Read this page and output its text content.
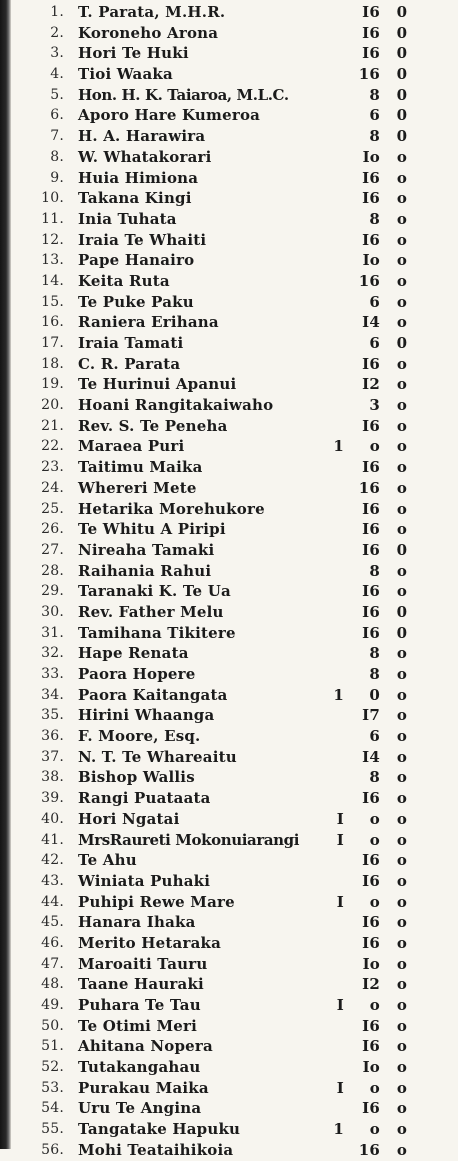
1. T. Parata, M.H.R.	I6	0
2. Koroneho Arona	I6	0
3. Hori Te Huki	I6	0
4. Tioi Waaka	16	0
5. Hon. H. K. Taiaroa, M.L.C.	8	0
6. Aporo Hare Kumeroa	6	0
7. H. A. Harawira	8	0
8. W. Whatakorari	Io	o
9. Huia Himiona	I6	o
10. Takana Kingi	I6	o
11. Inia Tuhata	8	o
12. Iraia Te Whaiti	I6	o
13. Pape Hanairo	Io	o
14. Keita Ruta	16	o
15. Te Puke Paku	6	o
16. Raniera Erihana	I4	o
17. Iraia Tamati	6	0
18. C. R. Parata	I6	o
19. Te Hurinui Apanui	I2	o
20. Hoani Rangitakaiwaho	3	o
21. Rev. S. Te Peneha	I6	o
22. Maraea Puri	1	o	o
23. Taitimu Maika	I6	o
24. Whereri Mete	16	o
25. Hetarika Morehukore	I6	o
26. Te Whitu A Piripi	I6	o
27. Nireaha Tamaki	I6	0
28. Raihania Rahui	8	o
29. Taranaki K. Te Ua	I6	o
30. Rev. Father Melu	I6	0
31. Tamihana Tikitere	I6	0
32. Hape Renata	8	o
33. Paora Hopere	8	o
34. Paora Kaitangata	1	0	o
35. Hirini Whaanga	I7	o
36. F. Moore, Esq.	6	o
37. N. T. Te Whareaitu	I4	o
38. Bishop Wallis	8	o
39. Rangi Puataata	I6	o
40. Hori Ngatai	I	o	o
41. MrsRaureti Mokonuiarangi	I	o	o
42. Te Ahu	I6	o
43. Winiata Puhaki	I6	o
44. Puhipi Rewe Mare	I	o	o
45. Hanara Ihaka	I6	o
46. Merito Hetaraka	I6	o
47. Maroaiti Tauru	Io	o
48. Taane Hauraki	I2	o
49. Puhara Te Tau	I	o	o
50. Te Otimi Meri	I6	o
51. Ahitana Nopera	I6	o
52. Tutakangahau	Io	o
53. Purakau Maika	I	o	o
54. Uru Te Angina	I6	o
55. Tangatake Hapuku	1	o	o
56. Mohi Teataihikoia	16	o
